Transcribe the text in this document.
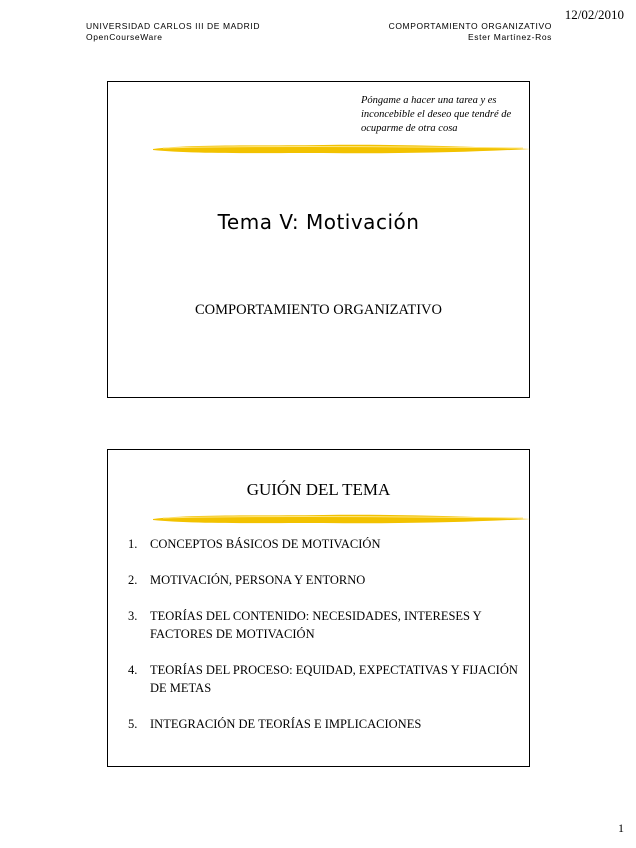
UNIVERSIDAD CARLOS III DE MADRID
OpenCourseWare
COMPORTAMIENTO ORGANIZATIVO
Ester Martínez-Ros
12/02/2010
Póngame a hacer una tarea y es inconcebible el deseo que tendré de ocuparme de otra cosa
Tema V: Motivación
COMPORTAMIENTO ORGANIZATIVO
GUIÓN DEL TEMA
1.	CONCEPTOS BÁSICOS DE MOTIVACIÓN
2.	MOTIVACIÓN, PERSONA Y ENTORNO
3.	TEORÍAS DEL CONTENIDO: NECESIDADES, INTERESES Y FACTORES DE MOTIVACIÓN
4.	TEORÍAS DEL PROCESO: EQUIDAD, EXPECTATIVAS Y FIJACIÓN DE METAS
5.	INTEGRACIÓN DE TEORÍAS E IMPLICACIONES
1
